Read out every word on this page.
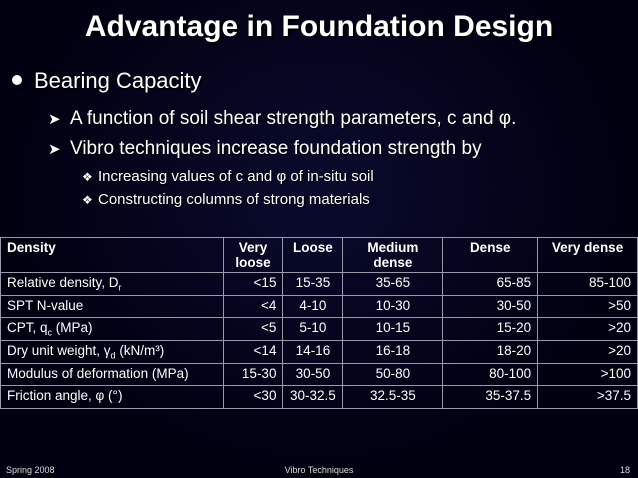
Advantage in Foundation Design
Bearing Capacity
➤ A function of soil shear strength parameters, c and φ.
➤ Vibro techniques increase foundation strength by
❖ Increasing values of c and φ of in-situ soil
❖ Constructing columns of strong materials
Density	Very loose	Loose	Medium dense	Dense	Very dense
Relative density, $D_r$	<15	15-35	35-65	65-85	85-100
SPT N-value	<4	4-10	10-30	30-50	>50
CPT, $q_c$ (MPa)	<5	5-10	10-15	15-20	>20
Dry unit weight, $\gamma_d$ (kN/m³)	<14	14-16	16-18	18-20	>20
Modulus of deformation (MPa)	15-30	30-50	50-80	80-100	>100
Friction angle, φ (°)	<30	30-32.5	32.5-35	35-37.5	>37.5
Spring 2008	Vibro Techniques	18
